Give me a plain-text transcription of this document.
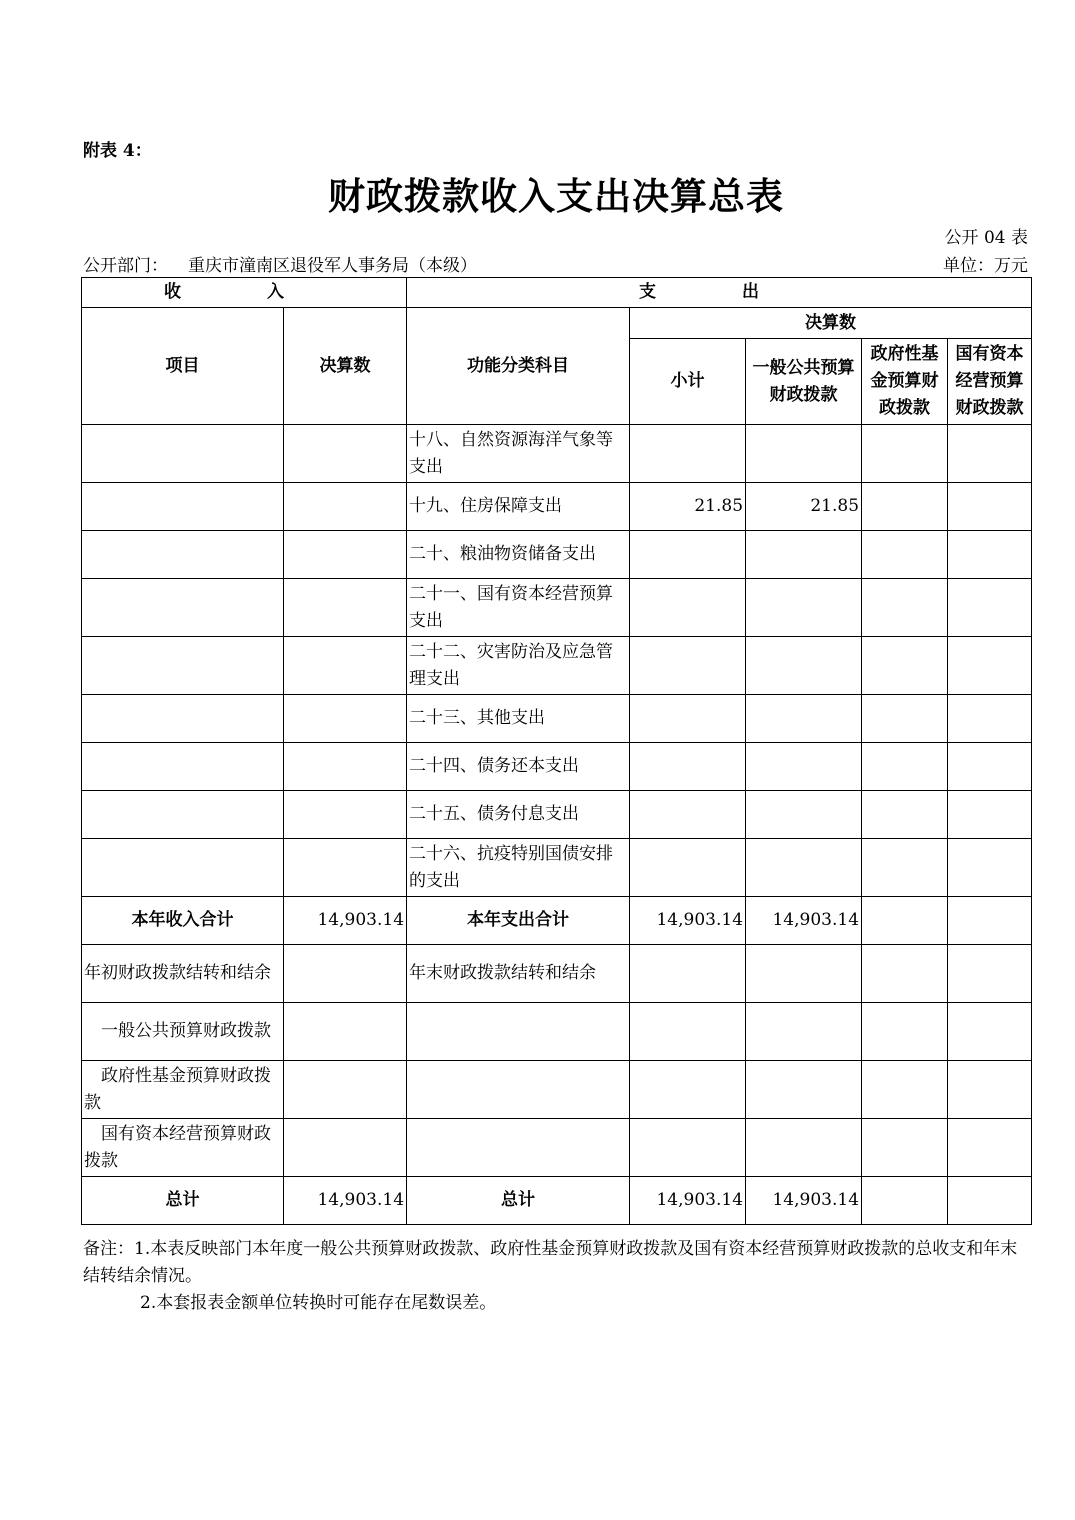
附表 4：
财政拨款收入支出决算总表
公开 04 表
公开部门： 重庆市潼南区退役军人事务局（本级）	单位：万元
收 入		支 出				
项目	决算数	功能分类科目	决算数			
			小计	一般公共预算财政拨款	政府性基金预算财政拨款	国有资本经营预算财政拨款
		十八、自然资源海洋气象等支出				
		十九、住房保障支出	21.85	21.85		
		二十、粮油物资储备支出				
		二十一、国有资本经营预算支出				
		二十二、灾害防治及应急管理支出				
		二十三、其他支出				
		二十四、债务还本支出				
		二十五、债务付息支出				
		二十六、抗疫特别国债安排的支出				
本年收入合计	14,903.14	本年支出合计	14,903.14	14,903.14		
年初财政拨款结转和结余		年末财政拨款结转和结余				
一般公共预算财政拨款						
政府性基金预算财政拨款						
国有资本经营预算财政拨款						
总计	14,903.14	总计	14,903.14	14,903.14		
备注：1.本表反映部门本年度一般公共预算财政拨款、政府性基金预算财政拨款及国有资本经营预算财政拨款的总收支和年末结转结余情况。
2.本套报表金额单位转换时可能存在尾数误差。
